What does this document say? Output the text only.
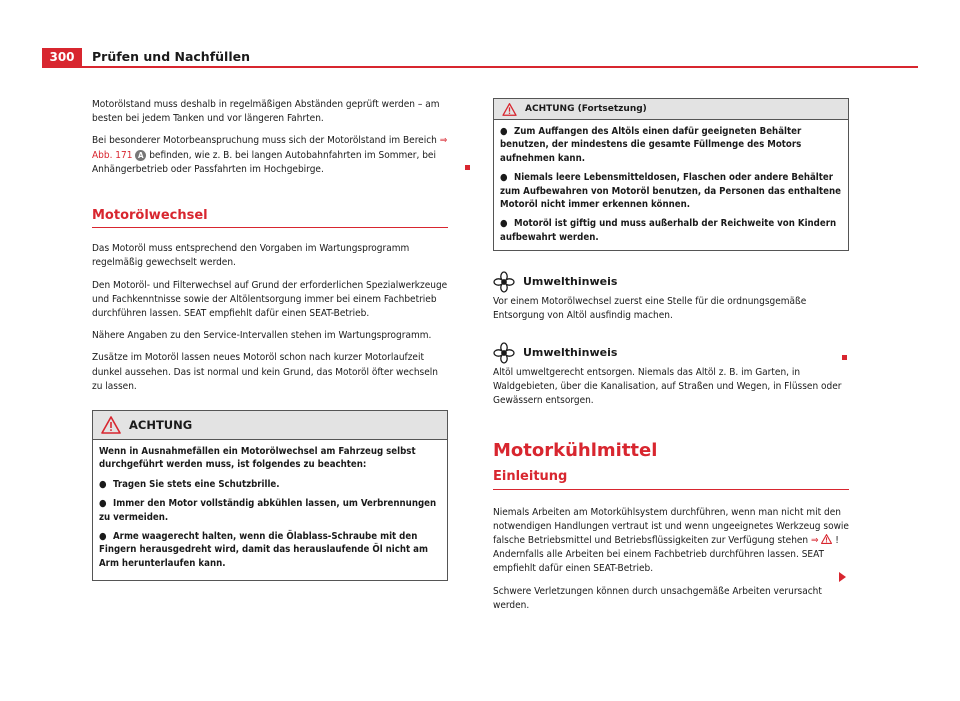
300	Prüfen und Nachfüllen

Motorölstand muss deshalb in regelmäßigen Abständen geprüft werden – am besten bei jedem Tanken und vor längeren Fahrten.

Bei besonderer Motorbeanspruchung muss sich der Motorölstand im Bereich ⇒ Abb. 171 A befinden, wie z. B. bei langen Autobahnfahrten im Sommer, bei Anhängerbetrieb oder Passfahrten im Hochgebirge.

Motorölwechsel

Das Motoröl muss entsprechend den Vorgaben im Wartungsprogramm regelmäßig gewechselt werden.

Den Motoröl- und Filterwechsel auf Grund der erforderlichen Spezialwerkzeuge und Fachkenntnisse sowie der Altölentsorgung immer bei einem Fachbetrieb durchführen lassen. SEAT empfiehlt dafür einen SEAT-Betrieb.

Nähere Angaben zu den Service-Intervallen stehen im Wartungsprogramm.

Zusätze im Motoröl lassen neues Motoröl schon nach kurzer Motorlaufzeit dunkel aussehen. Das ist normal und kein Grund, das Motoröl öfter wechseln zu lassen.

ACHTUNG

Wenn in Ausnahmefällen ein Motorölwechsel am Fahrzeug selbst durchgeführt werden muss, ist folgendes zu beachten:

● Tragen Sie stets eine Schutzbrille.

● Immer den Motor vollständig abkühlen lassen, um Verbrennungen zu vermeiden.

● Arme waagerecht halten, wenn die Ölablass-Schraube mit den Fingern herausgedreht wird, damit das herauslaufende Öl nicht am Arm herunterlaufen kann.

ACHTUNG (Fortsetzung)

● Zum Auffangen des Altöls einen dafür geeigneten Behälter benutzen, der mindestens die gesamte Füllmenge des Motors aufnehmen kann.

● Niemals leere Lebensmitteldosen, Flaschen oder andere Behälter zum Aufbewahren von Motoröl benutzen, da Personen das enthaltene Motoröl nicht immer erkennen können.

● Motoröl ist giftig und muss außerhalb der Reichweite von Kindern aufbewahrt werden.

Umwelthinweis

Vor einem Motorölwechsel zuerst eine Stelle für die ordnungsgemäße Entsorgung von Altöl ausfindig machen.

Umwelthinweis

Altöl umweltgerecht entsorgen. Niemals das Altöl z. B. im Garten, in Waldgebieten, über die Kanalisation, auf Straßen und Wegen, in Flüssen oder Gewässern entsorgen.

Motorkühlmittel
Einleitung

Niemals Arbeiten am Motorkühlsystem durchführen, wenn man nicht mit den notwendigen Handlungen vertraut ist und wenn ungeeignetes Werkzeug sowie falsche Betriebsmittel und Betriebsflüssigkeiten zur Verfügung stehen ⇒ ! Andernfalls alle Arbeiten bei einem Fachbetrieb durchführen lassen. SEAT empfiehlt dafür einen SEAT-Betrieb.

Schwere Verletzungen können durch unsachgemäße Arbeiten verursacht werden.
